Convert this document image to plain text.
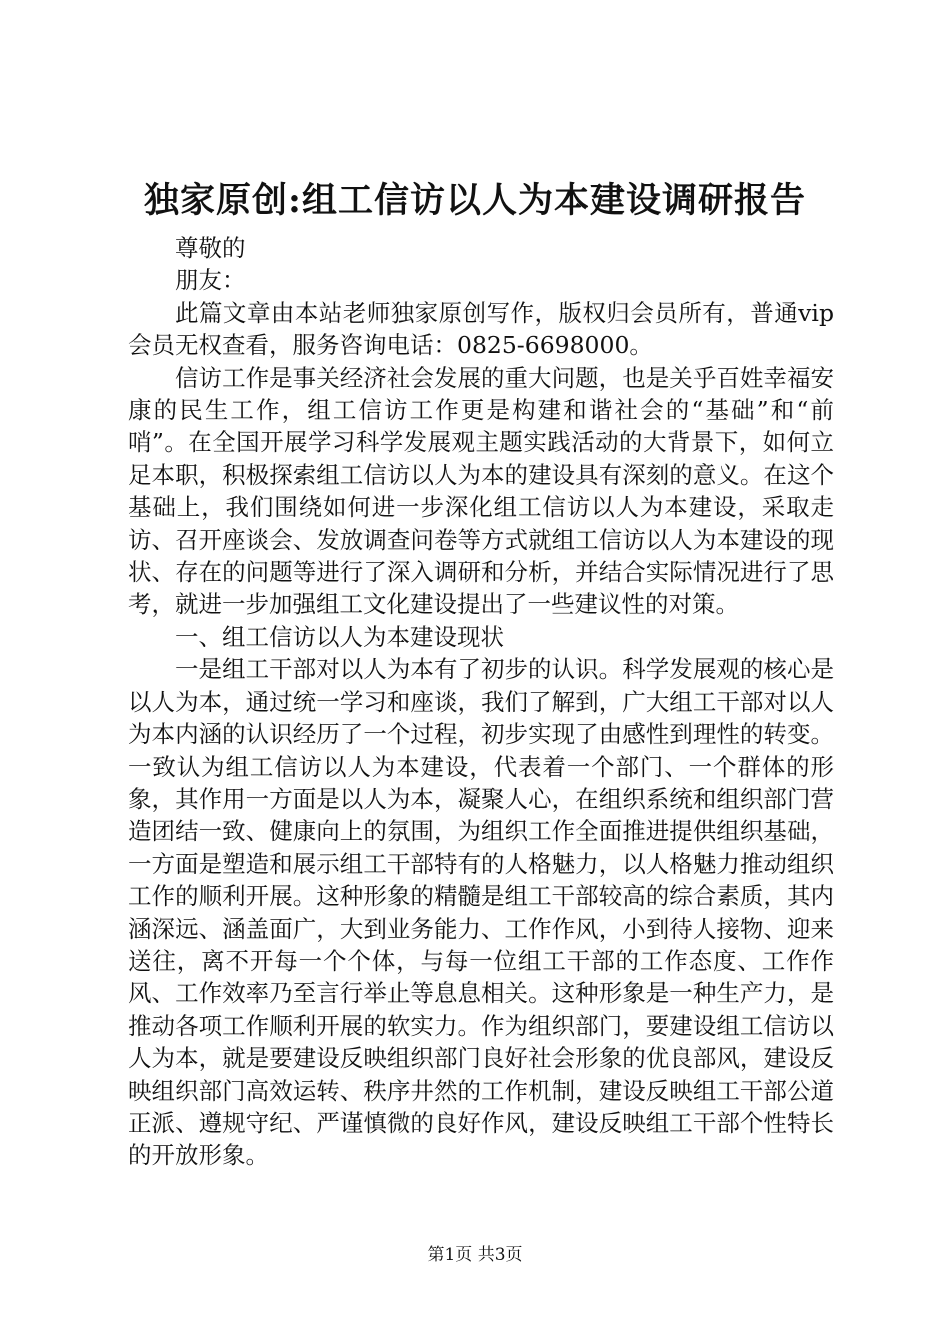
独家原创:组工信访以人为本建设调研报告

尊敬的

朋友：

此篇文章由本站老师独家原创写作，版权归会员所有，普通vip会员无权查看，服务咨询电话：0825-6698000。

信访工作是事关经济社会发展的重大问题，也是关乎百姓幸福安康的民生工作，组工信访工作更是构建和谐社会的“基础”和“前哨”。在全国开展学习科学发展观主题实践活动的大背景下，如何立足本职，积极探索组工信访以人为本的建设具有深刻的意义。在这个基础上，我们围绕如何进一步深化组工信访以人为本建设，采取走访、召开座谈会、发放调查问卷等方式就组工信访以人为本建设的现状、存在的问题等进行了深入调研和分析，并结合实际情况进行了思考，就进一步加强组工文化建设提出了一些建议性的对策。

一、组工信访以人为本建设现状

一是组工干部对以人为本有了初步的认识。科学发展观的核心是以人为本，通过统一学习和座谈，我们了解到，广大组工干部对以人为本内涵的认识经历了一个过程，初步实现了由感性到理性的转变。一致认为组工信访以人为本建设，代表着一个部门、一个群体的形象，其作用一方面是以人为本，凝聚人心，在组织系统和组织部门营造团结一致、健康向上的氛围，为组织工作全面推进提供组织基础，一方面是塑造和展示组工干部特有的人格魅力，以人格魅力推动组织工作的顺利开展。这种形象的精髓是组工干部较高的综合素质，其内涵深远、涵盖面广，大到业务能力、工作作风，小到待人接物、迎来送往，离不开每一个个体，与每一位组工干部的工作态度、工作作风、工作效率乃至言行举止等息息相关。这种形象是一种生产力，是推动各项工作顺利开展的软实力。作为组织部门，要建设组工信访以人为本，就是要建设反映组织部门良好社会形象的优良部风，建设反映组织部门高效运转、秩序井然的工作机制，建设反映组工干部公道正派、遵规守纪、严谨慎微的良好作风，建设反映组工干部个性特长的开放形象。

第1页 共3页
